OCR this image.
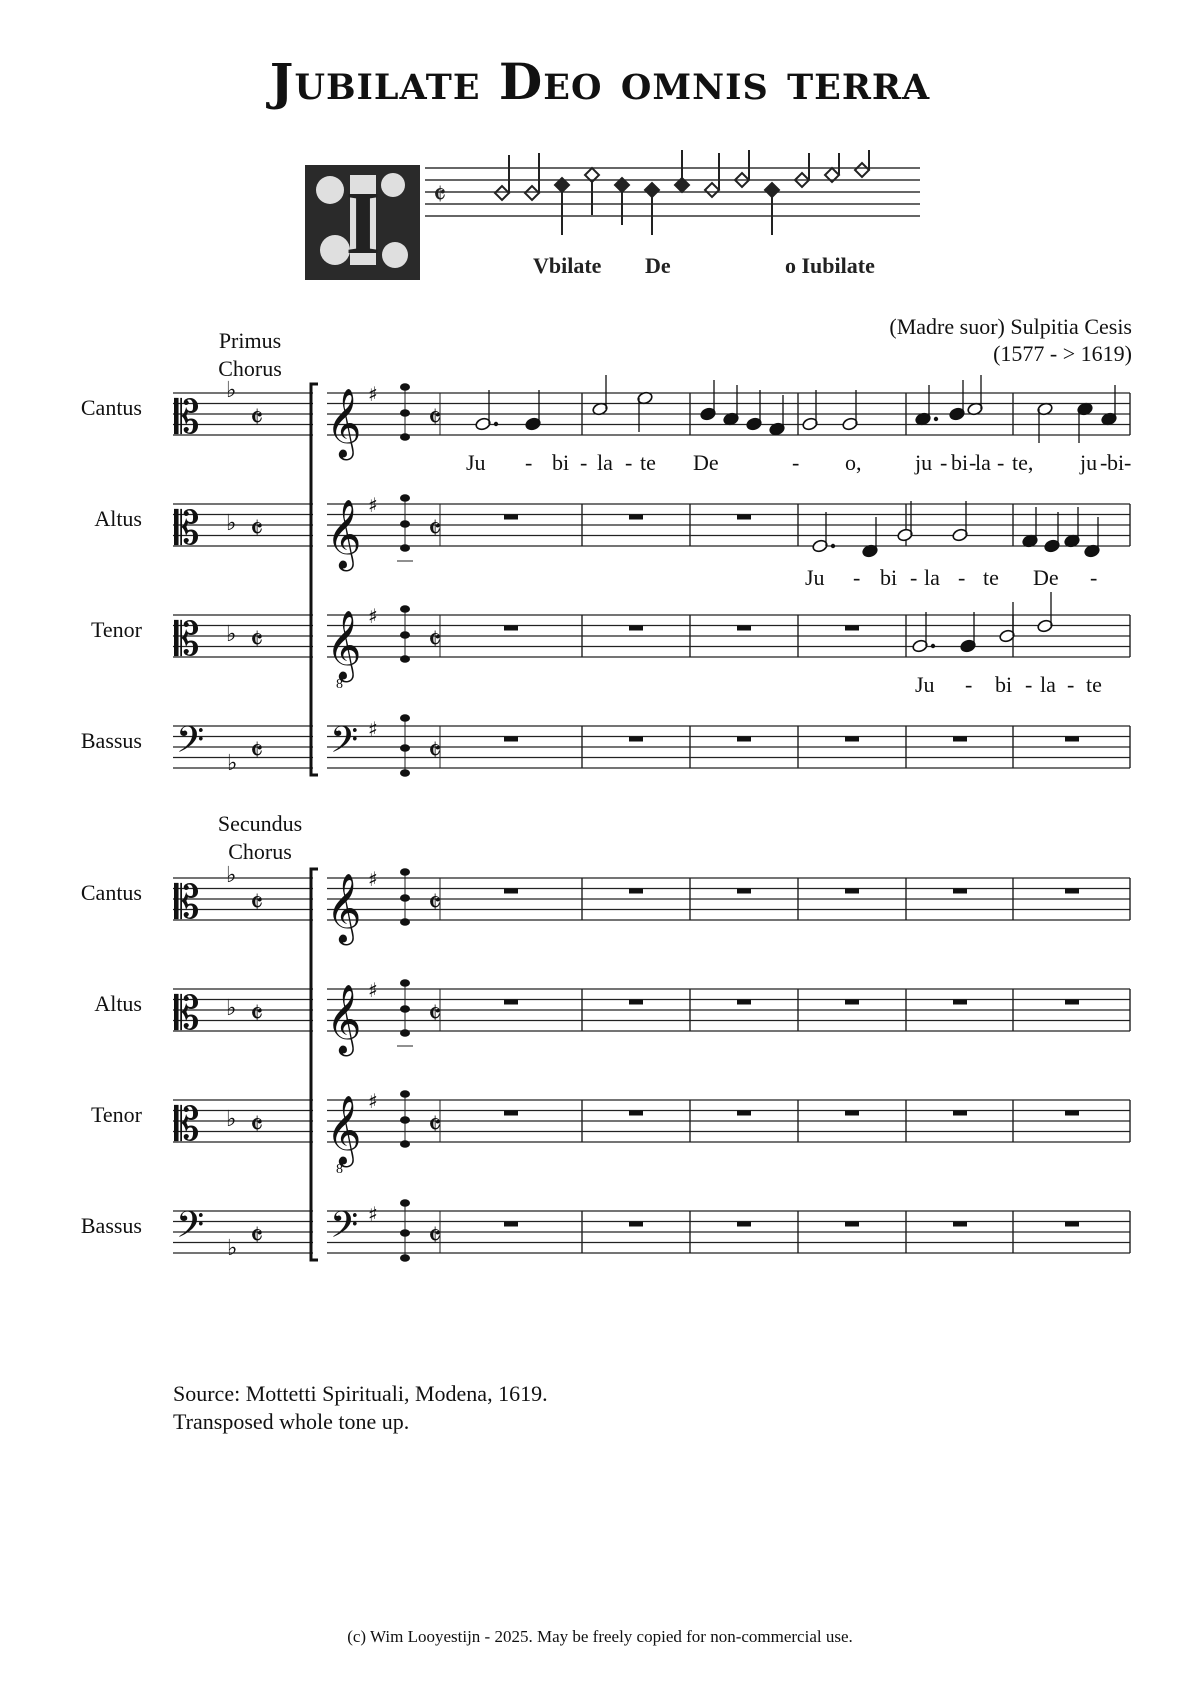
Jubilate Deo omnis terra
I 𝄵
Vbilate De	o Iubilate
(Madre suor) Sulpitia Cesis
(1577 - > 1619)
Primus
Chorus
Secundus
Chorus
Cantus
Altus
Tenor
Bassus
Cantus
Altus
Tenor
Bassus
𝄡 ♭
𝄵 𝄞 ♯
𝄵
𝄡 ♭ 𝄵 𝄞 ♯
𝄵
𝄡 ♭ 𝄵 𝄞 ♯
8
𝄵
𝄢 ♭ 𝄵 𝄢 ♯
𝄵
𝄡 ♭
𝄵 𝄞 ♯
𝄵
𝄡 ♭ 𝄵 𝄞 ♯
𝄵
𝄡 ♭ 𝄵 𝄞 ♯
8
𝄵
𝄢 ♭ 𝄵 𝄢 ♯
𝄵
Ju - bi - la - te De	- o, ju - bi -
la - te, ju - bi -
Ju - bi - la - te De -
Ju - bi - la - te
Source: Mottetti Spirituali, Modena, 1619.
Transposed whole tone up.
(c) Wim Looyestijn - 2025. May be freely copied for non-commercial use.
